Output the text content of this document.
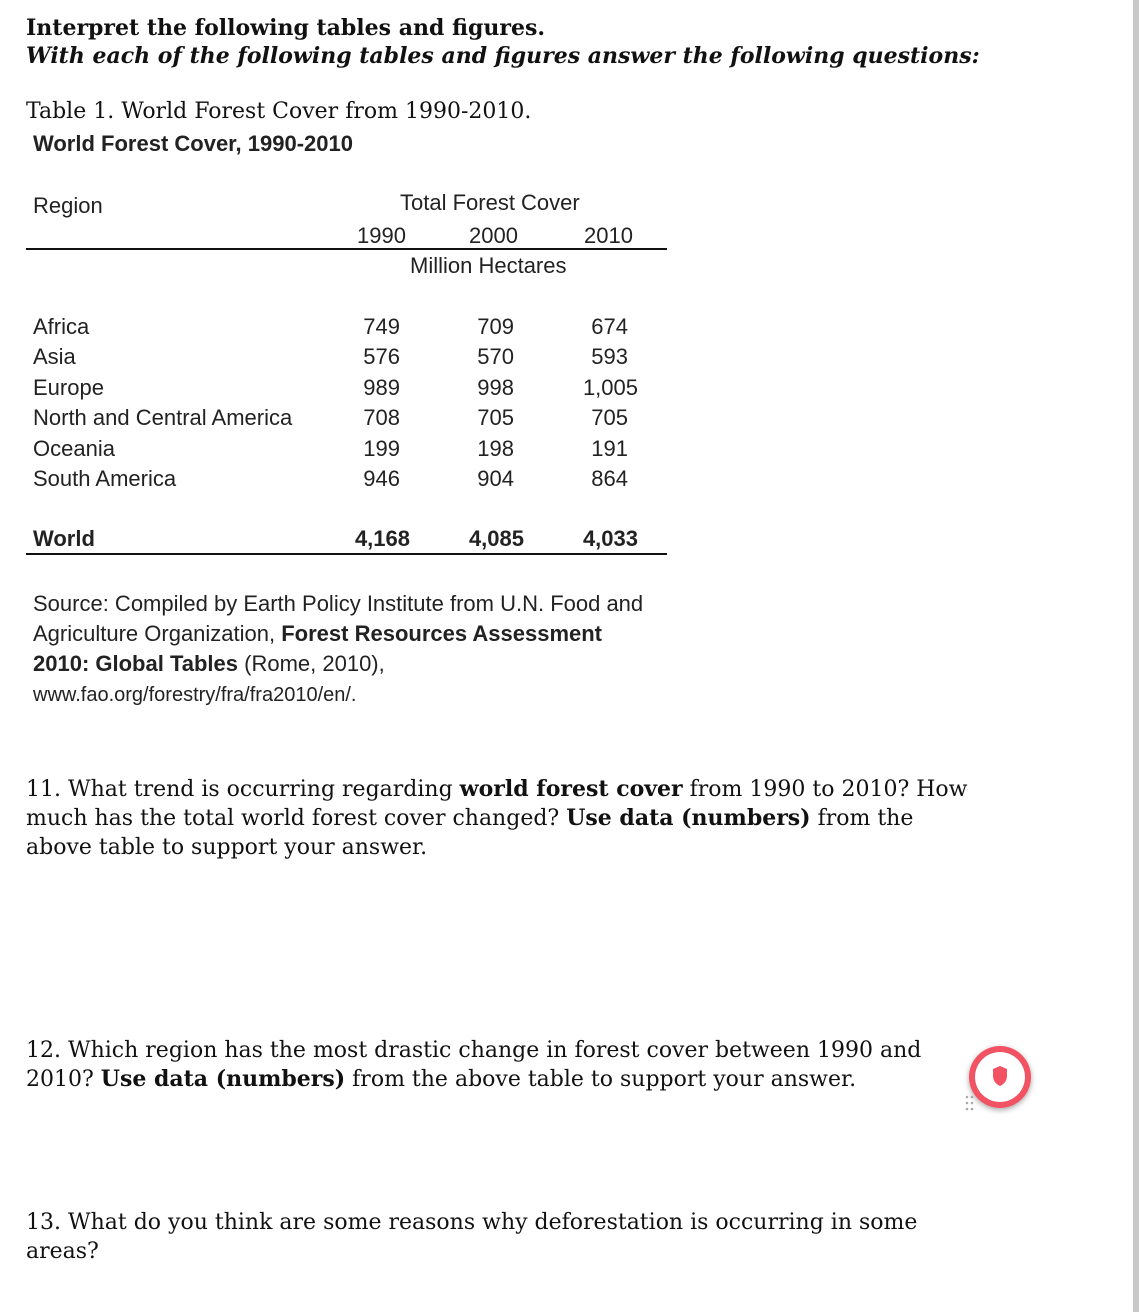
Interpret the following tables and figures.
With each of the following tables and figures answer the following questions:
Table 1. World Forest Cover from 1990-2010.
World Forest Cover, 1990-2010
Region	Total Forest Cover
1990	2000	2010
Million Hectares
Africa	749	709	674
Asia	576	570	593
Europe	989	998	1,005
North and Central America	708	705	705
Oceania	199	198	191
South America	946	904	864
World	4,168	4,085	4,033
Source: Compiled by Earth Policy Institute from U.N. Food and Agriculture Organization, Forest Resources Assessment 2010: Global Tables (Rome, 2010),
www.fao.org/forestry/fra/fra2010/en/.
11. What trend is occurring regarding world forest cover from 1990 to 2010? How much has the total world forest cover changed? Use data (numbers) from the above table to support your answer.
12. Which region has the most drastic change in forest cover between 1990 and 2010? Use data (numbers) from the above table to support your answer.
13. What do you think are some reasons why deforestation is occurring in some areas?
